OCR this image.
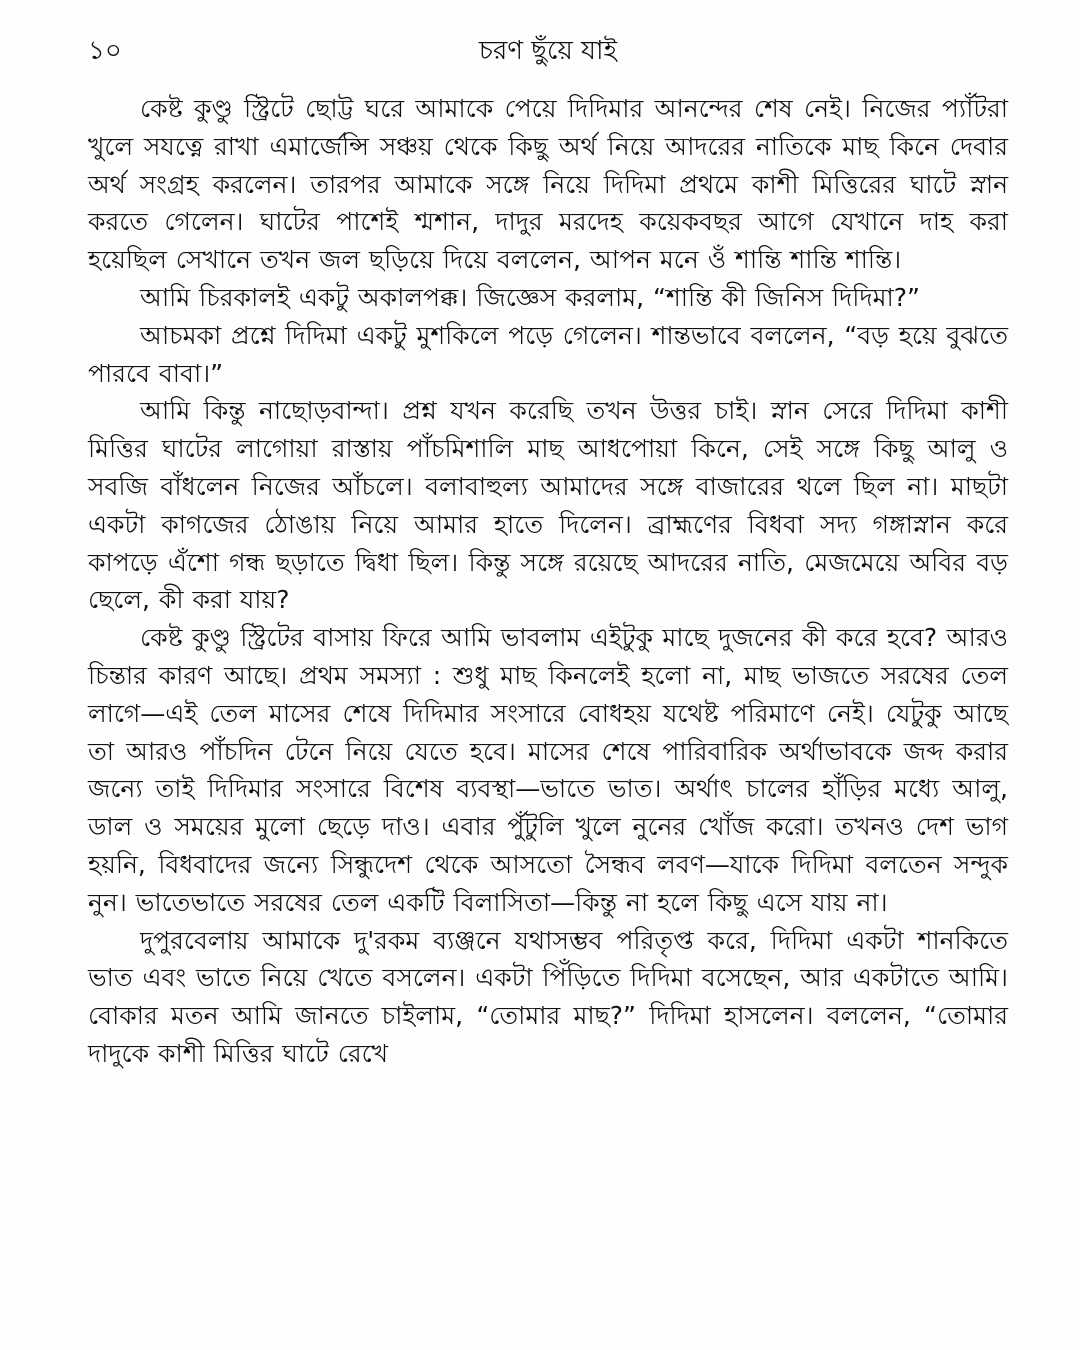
১০	চরণ ছুঁয়ে যাই

কেষ্ট কুণ্ডু স্ট্রিটে ছোট্ট ঘরে আমাকে পেয়ে দিদিমার আনন্দের শেষ নেই। নিজের প্যাঁটরা খুলে সযত্নে রাখা এমার্জেন্সি সঞ্চয় থেকে কিছু অর্থ নিয়ে আদরের নাতিকে মাছ কিনে দেবার অর্থ সংগ্রহ করলেন। তারপর আমাকে সঙ্গে নিয়ে দিদিমা প্রথমে কাশী মিত্তিরের ঘাটে স্নান করতে গেলেন। ঘাটের পাশেই শ্মশান, দাদুর মরদেহ কয়েকবছর আগে যেখানে দাহ করা হয়েছিল সেখানে তখন জল ছড়িয়ে দিয়ে বললেন, আপন মনে ওঁ শান্তি শান্তি শান্তি।

আমি চিরকালই একটু অকালপক্ক। জিজ্ঞেস করলাম, “শান্তি কী জিনিস দিদিমা?”

আচমকা প্রশ্নে দিদিমা একটু মুশকিলে পড়ে গেলেন। শান্তভাবে বললেন, “বড় হয়ে বুঝতে পারবে বাবা।”

আমি কিন্তু নাছোড়বান্দা। প্রশ্ন যখন করেছি তখন উত্তর চাই। স্নান সেরে দিদিমা কাশী মিত্তির ঘাটের লাগোয়া রাস্তায় পাঁচমিশালি মাছ আধপোয়া কিনে, সেই সঙ্গে কিছু আলু ও সবজি বাঁধলেন নিজের আঁচলে। বলাবাহুল্য আমাদের সঙ্গে বাজারের থলে ছিল না। মাছটা একটা কাগজের ঠোঙায় নিয়ে আমার হাতে দিলেন। ব্রাহ্মণের বিধবা সদ্য গঙ্গাস্নান করে কাপড়ে এঁশো গন্ধ ছড়াতে দ্বিধা ছিল। কিন্তু সঙ্গে রয়েছে আদরের নাতি, মেজমেয়ে অবির বড় ছেলে, কী করা যায়?

কেষ্ট কুণ্ডু স্ট্রিটের বাসায় ফিরে আমি ভাবলাম এইটুকু মাছে দুজনের কী করে হবে? আরও চিন্তার কারণ আছে। প্রথম সমস্যা : শুধু মাছ কিনলেই হলো না, মাছ ভাজতে সরষের তেল লাগে—এই তেল মাসের শেষে দিদিমার সংসারে বোধহয় যথেষ্ট পরিমাণে নেই। যেটুকু আছে তা আরও পাঁচদিন টেনে নিয়ে যেতে হবে। মাসের শেষে পারিবারিক অর্থাভাবকে জব্দ করার জন্যে তাই দিদিমার সংসারে বিশেষ ব্যবস্থা—ভাতে ভাত। অর্থাৎ চালের হাঁড়ির মধ্যে আলু, ডাল ও সময়ের মুলো ছেড়ে দাও। এবার পুঁটুলি খুলে নুনের খোঁজ করো। তখনও দেশ ভাগ হয়নি, বিধবাদের জন্যে সিন্ধুদেশ থেকে আসতো সৈন্ধব লবণ—যাকে দিদিমা বলতেন সন্দুক নুন। ভাতেভাতে সরষের তেল একটি বিলাসিতা—কিন্তু না হলে কিছু এসে যায় না।

দুপুরবেলায় আমাকে দু'রকম ব্যঞ্জনে যথাসম্ভব পরিতৃপ্ত করে, দিদিমা একটা শানকিতে ভাত এবং ভাতে নিয়ে খেতে বসলেন। একটা পিঁড়িতে দিদিমা বসেছেন, আর একটাতে আমি। বোকার মতন আমি জানতে চাইলাম, “তোমার মাছ?” দিদিমা হাসলেন। বললেন, “তোমার দাদুকে কাশী মিত্তির ঘাটে রেখে
